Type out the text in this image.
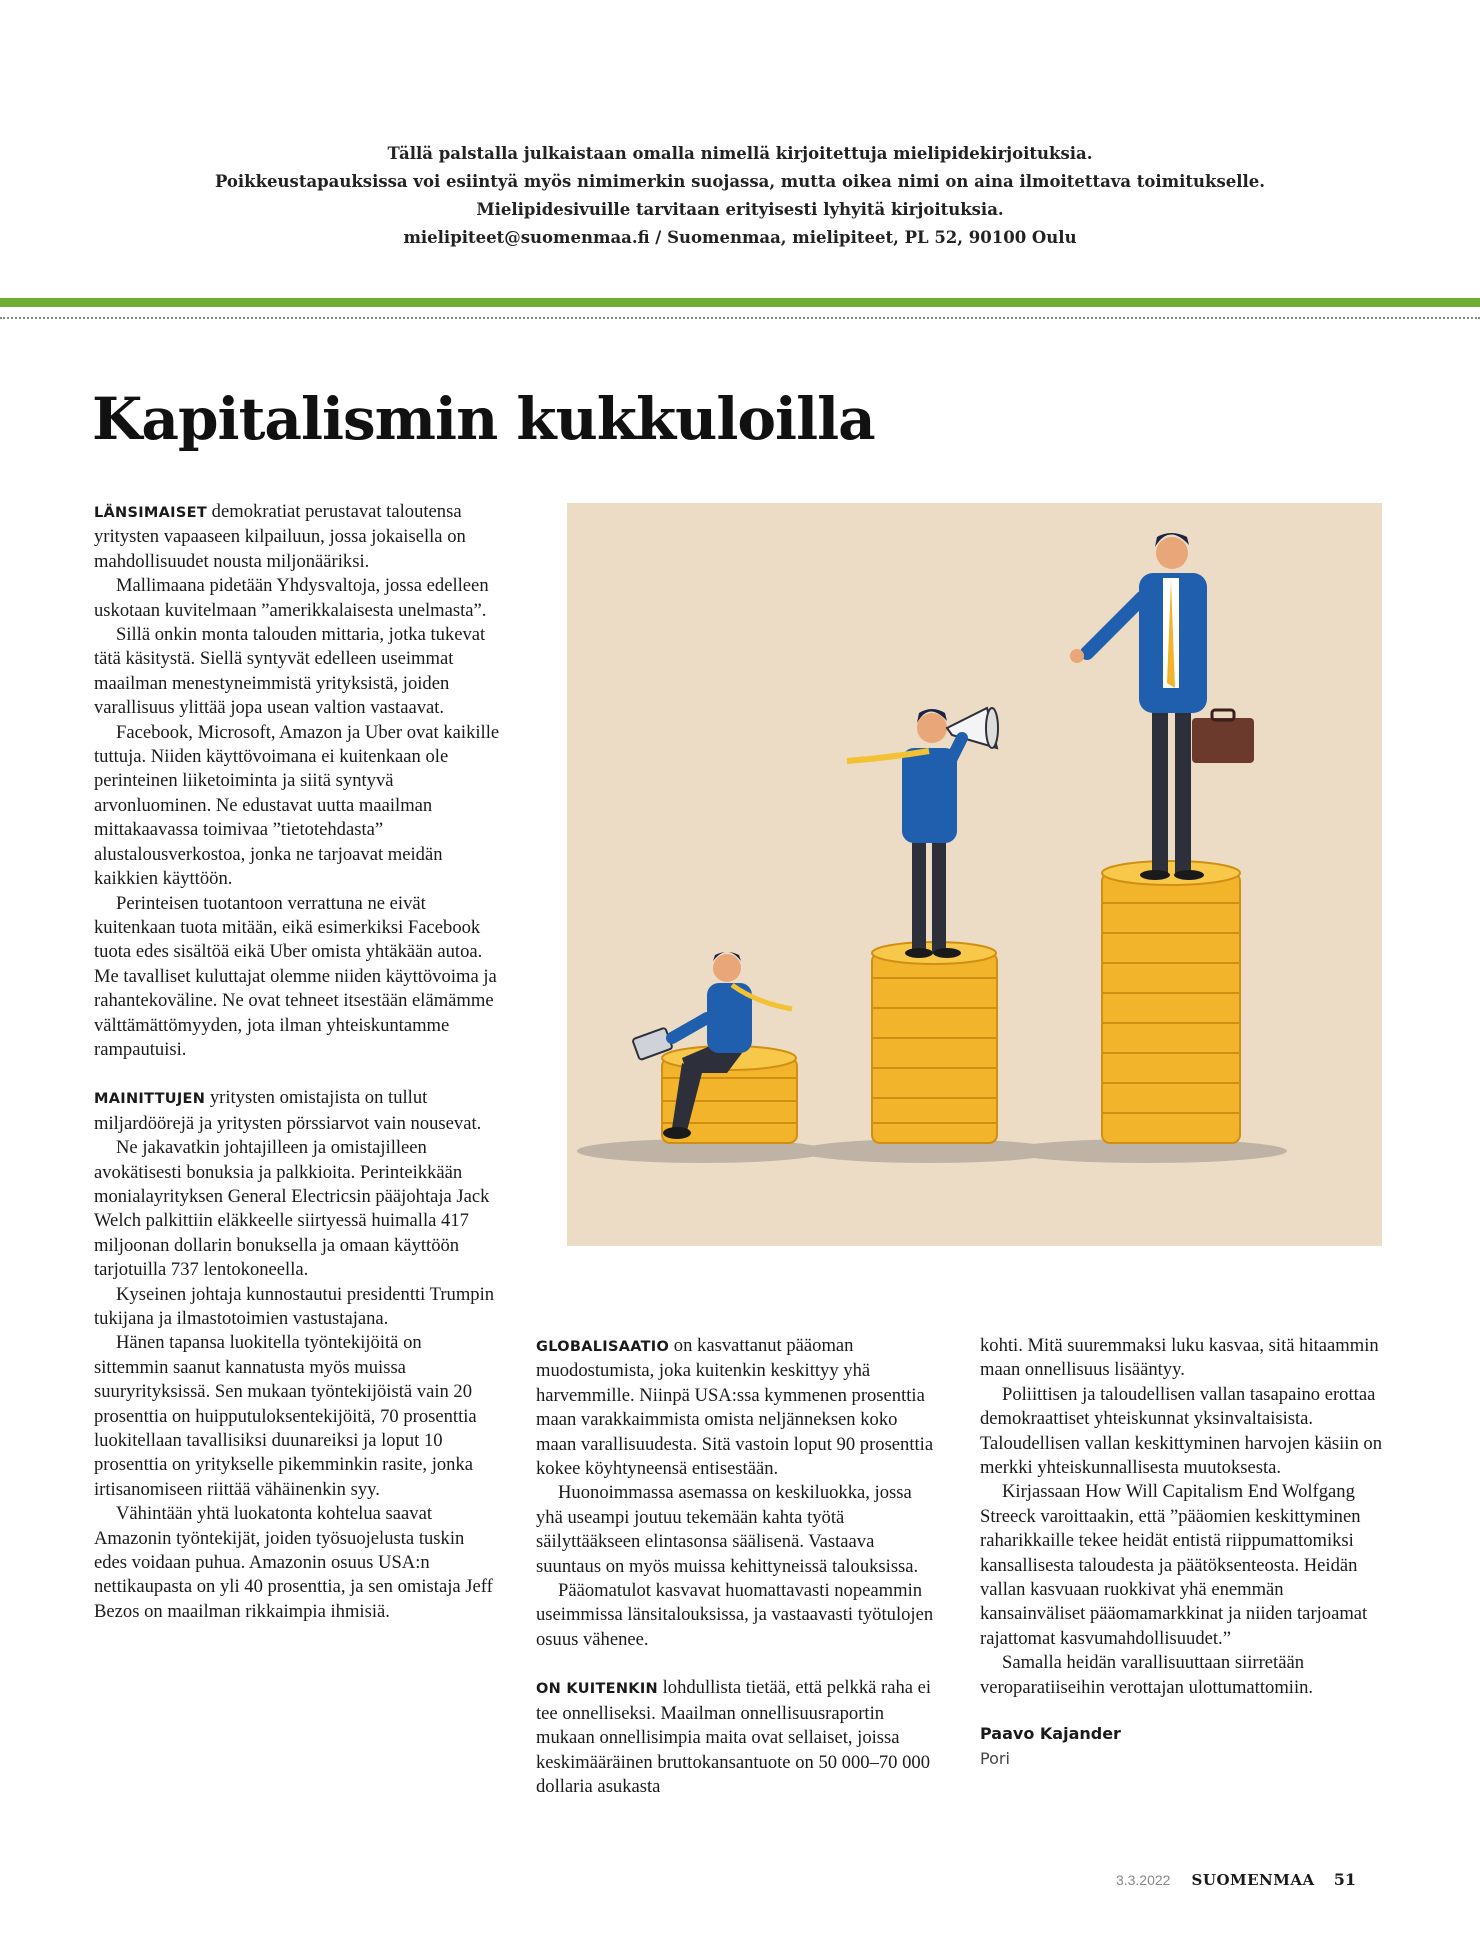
Tällä palstalla julkaistaan omalla nimellä kirjoitettuja mielipidekirjoituksia.
Poikkeustapauksissa voi esiintyä myös nimimerkin suojassa, mutta oikea nimi on aina ilmoitettava toimitukselle.
Mielipidesivuille tarvitaan erityisesti lyhyitä kirjoituksia.
mielipiteet@suomenmaa.fi / Suomenmaa, mielipiteet, PL 52, 90100 Oulu
Kapitalismin kukkuloilla

LÄNSIMAISET demokratiat perustavat taloutensa yritysten vapaaseen kilpailuun, jossa jokaisella on mahdollisuudet nousta miljonääriksi.

Mallimaana pidetään Yhdysvaltoja, jossa edelleen uskotaan kuvitelmaan ”amerikkalaisesta unelmasta”.

Sillä onkin monta talouden mittaria, jotka tukevat tätä käsitystä. Siellä syntyvät edelleen useimmat maailman menestyneimmistä yrityksistä, joiden varallisuus ylittää jopa usean valtion vastaavat.

Facebook, Microsoft, Amazon ja Uber ovat kaikille tuttuja. Niiden käyttövoimana ei kuitenkaan ole perinteinen liiketoiminta ja siitä syntyvä arvonluominen. Ne edustavat uutta maailman mittakaavassa toimivaa ”tietotehdasta” alustalousverkostoa, jonka ne tarjoavat meidän kaikkien käyttöön.

Perinteisen tuotantoon verrattuna ne eivät kuitenkaan tuota mitään, eikä esimerkiksi Facebook tuota edes sisältöä eikä Uber omista yhtäkään autoa. Me tavalliset kuluttajat olemme niiden käyttövoima ja rahantekoväline. Ne ovat tehneet itsestään elämämme välttämättömyyden, jota ilman yhteiskuntamme rampautuisi.

MAINITTUJEN yritysten omistajista on tullut miljardöörejä ja yritysten pörssiarvot vain nousevat.

Ne jakavatkin johtajilleen ja omistajilleen avokätisesti bonuksia ja palkkioita. Perinteikkään monialayrityksen General Electricsin pääjohtaja Jack Welch palkittiin eläkkeelle siirtyessä huimalla 417 miljoonan dollarin bonuksella ja omaan käyttöön tarjotuilla 737 lentokoneella.

Kyseinen johtaja kunnostautui presidentti Trumpin tukijana ja ilmastotoimien vastustajana.

Hänen tapansa luokitella työntekijöitä on sittemmin saanut kannatusta myös muissa suuryrityksissä. Sen mukaan työntekijöistä vain 20 prosenttia on huipputuloksentekijöitä, 70 prosenttia luokitellaan tavallisiksi duunareiksi ja loput 10 prosenttia on yritykselle pikemminkin rasite, jonka irtisanomiseen riittää vähäinenkin syy.

Vähintään yhtä luokatonta kohtelua saavat Amazonin työntekijät, joiden työsuojelusta tuskin edes voidaan puhua. Amazonin osuus USA:n nettikaupasta on yli 40 prosenttia, ja sen omistaja Jeff Bezos on maailman rikkaimpia ihmisiä.

GLOBALISAATIO on kasvattanut pääoman muodostumista, joka kuitenkin keskittyy yhä harvemmille. Niinpä USA:ssa kymmenen prosenttia maan varakkaimmista omista neljänneksen koko maan varallisuudesta. Sitä vastoin loput 90 prosenttia kokee köyhtyneensä entisestään.

Huonoimmassa asemassa on keskiluokka, jossa yhä useampi joutuu tekemään kahta työtä säilyttääkseen elintasonsa säälisenä. Vastaava suuntaus on myös muissa kehittyneissä talouksissa.

Pääomatulot kasvavat huomattavasti nopeammin useimmissa länsitalouksissa, ja vastaavasti työtulojen osuus vähenee.

ON KUITENKIN lohdullista tietää, että pelkkä raha ei tee onnelliseksi. Maailman onnellisuusraportin mukaan onnellisimpia maita ovat sellaiset, joissa keskimääräinen bruttokansantuote on 50 000–70 000 dollaria asukasta

kohti. Mitä suuremmaksi luku kasvaa, sitä hitaammin maan onnellisuus lisääntyy.

Poliittisen ja taloudellisen vallan tasapaino erottaa demokraattiset yhteiskunnat yksinvaltaisista. Taloudellisen vallan keskittyminen harvojen käsiin on merkki yhteiskunnallisesta muutoksesta.

Kirjassaan How Will Capitalism End Wolfgang Streeck varoittaakin, että ”pääomien keskittyminen raharikkaille tekee heidät entistä riippumattomiksi kansallisesta taloudesta ja päätöksenteosta. Heidän vallan kasvuaan ruokkivat yhä enemmän kansainväliset pääomamarkkinat ja niiden tarjoamat rajattomat kasvumahdollisuudet.”

Samalla heidän varallisuuttaan siirretään veroparatiiseihin verottajan ulottumattomiin.

Paavo Kajander
Pori
3.3.2022 SUOMENMAA 51
